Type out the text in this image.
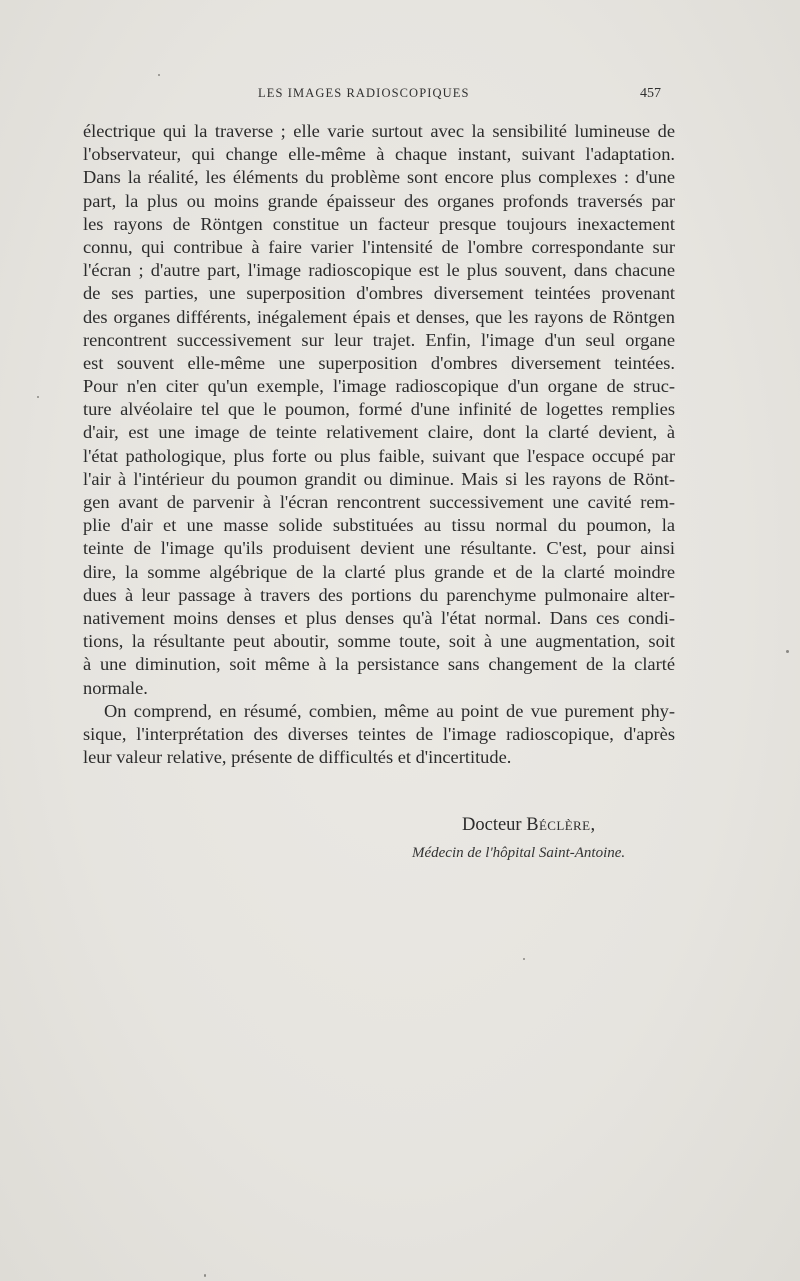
LES IMAGES RADIOSCOPIQUES	457
électrique qui la traverse ; elle varie surtout avec la sensibilité lumineuse de
l'observateur, qui change elle-même à chaque instant, suivant l'adaptation.
Dans la réalité, les éléments du problème sont encore plus complexes : d'une
part, la plus ou moins grande épaisseur des organes profonds traversés par
les rayons de Röntgen constitue un facteur presque toujours inexactement
connu, qui contribue à faire varier l'intensité de l'ombre correspondante sur
l'écran ; d'autre part, l'image radioscopique est le plus souvent, dans chacune
de ses parties, une superposition d'ombres diversement teintées provenant
des organes différents, inégalement épais et denses, que les rayons de Röntgen
rencontrent successivement sur leur trajet. Enfin, l'image d'un seul organe
est souvent elle-même une superposition d'ombres diversement teintées.
Pour n'en citer qu'un exemple, l'image radioscopique d'un organe de struc-
ture alvéolaire tel que le poumon, formé d'une infinité de logettes remplies
d'air, est une image de teinte relativement claire, dont la clarté devient, à
l'état pathologique, plus forte ou plus faible, suivant que l'espace occupé par
l'air à l'intérieur du poumon grandit ou diminue. Mais si les rayons de Rönt-
gen avant de parvenir à l'écran rencontrent successivement une cavité rem-
plie d'air et une masse solide substituées au tissu normal du poumon, la
teinte de l'image qu'ils produisent devient une résultante. C'est, pour ainsi
dire, la somme algébrique de la clarté plus grande et de la clarté moindre
dues à leur passage à travers des portions du parenchyme pulmonaire alter-
nativement moins denses et plus denses qu'à l'état normal. Dans ces condi-
tions, la résultante peut aboutir, somme toute, soit à une augmentation, soit
à une diminution, soit même à la persistance sans changement de la clarté
normale.
On comprend, en résumé, combien, même au point de vue purement phy-
sique, l'interprétation des diverses teintes de l'image radioscopique, d'après
leur valeur relative, présente de difficultés et d'incertitude.
Docteur Béclère,
Médecin de l'hôpital Saint-Antoine.
